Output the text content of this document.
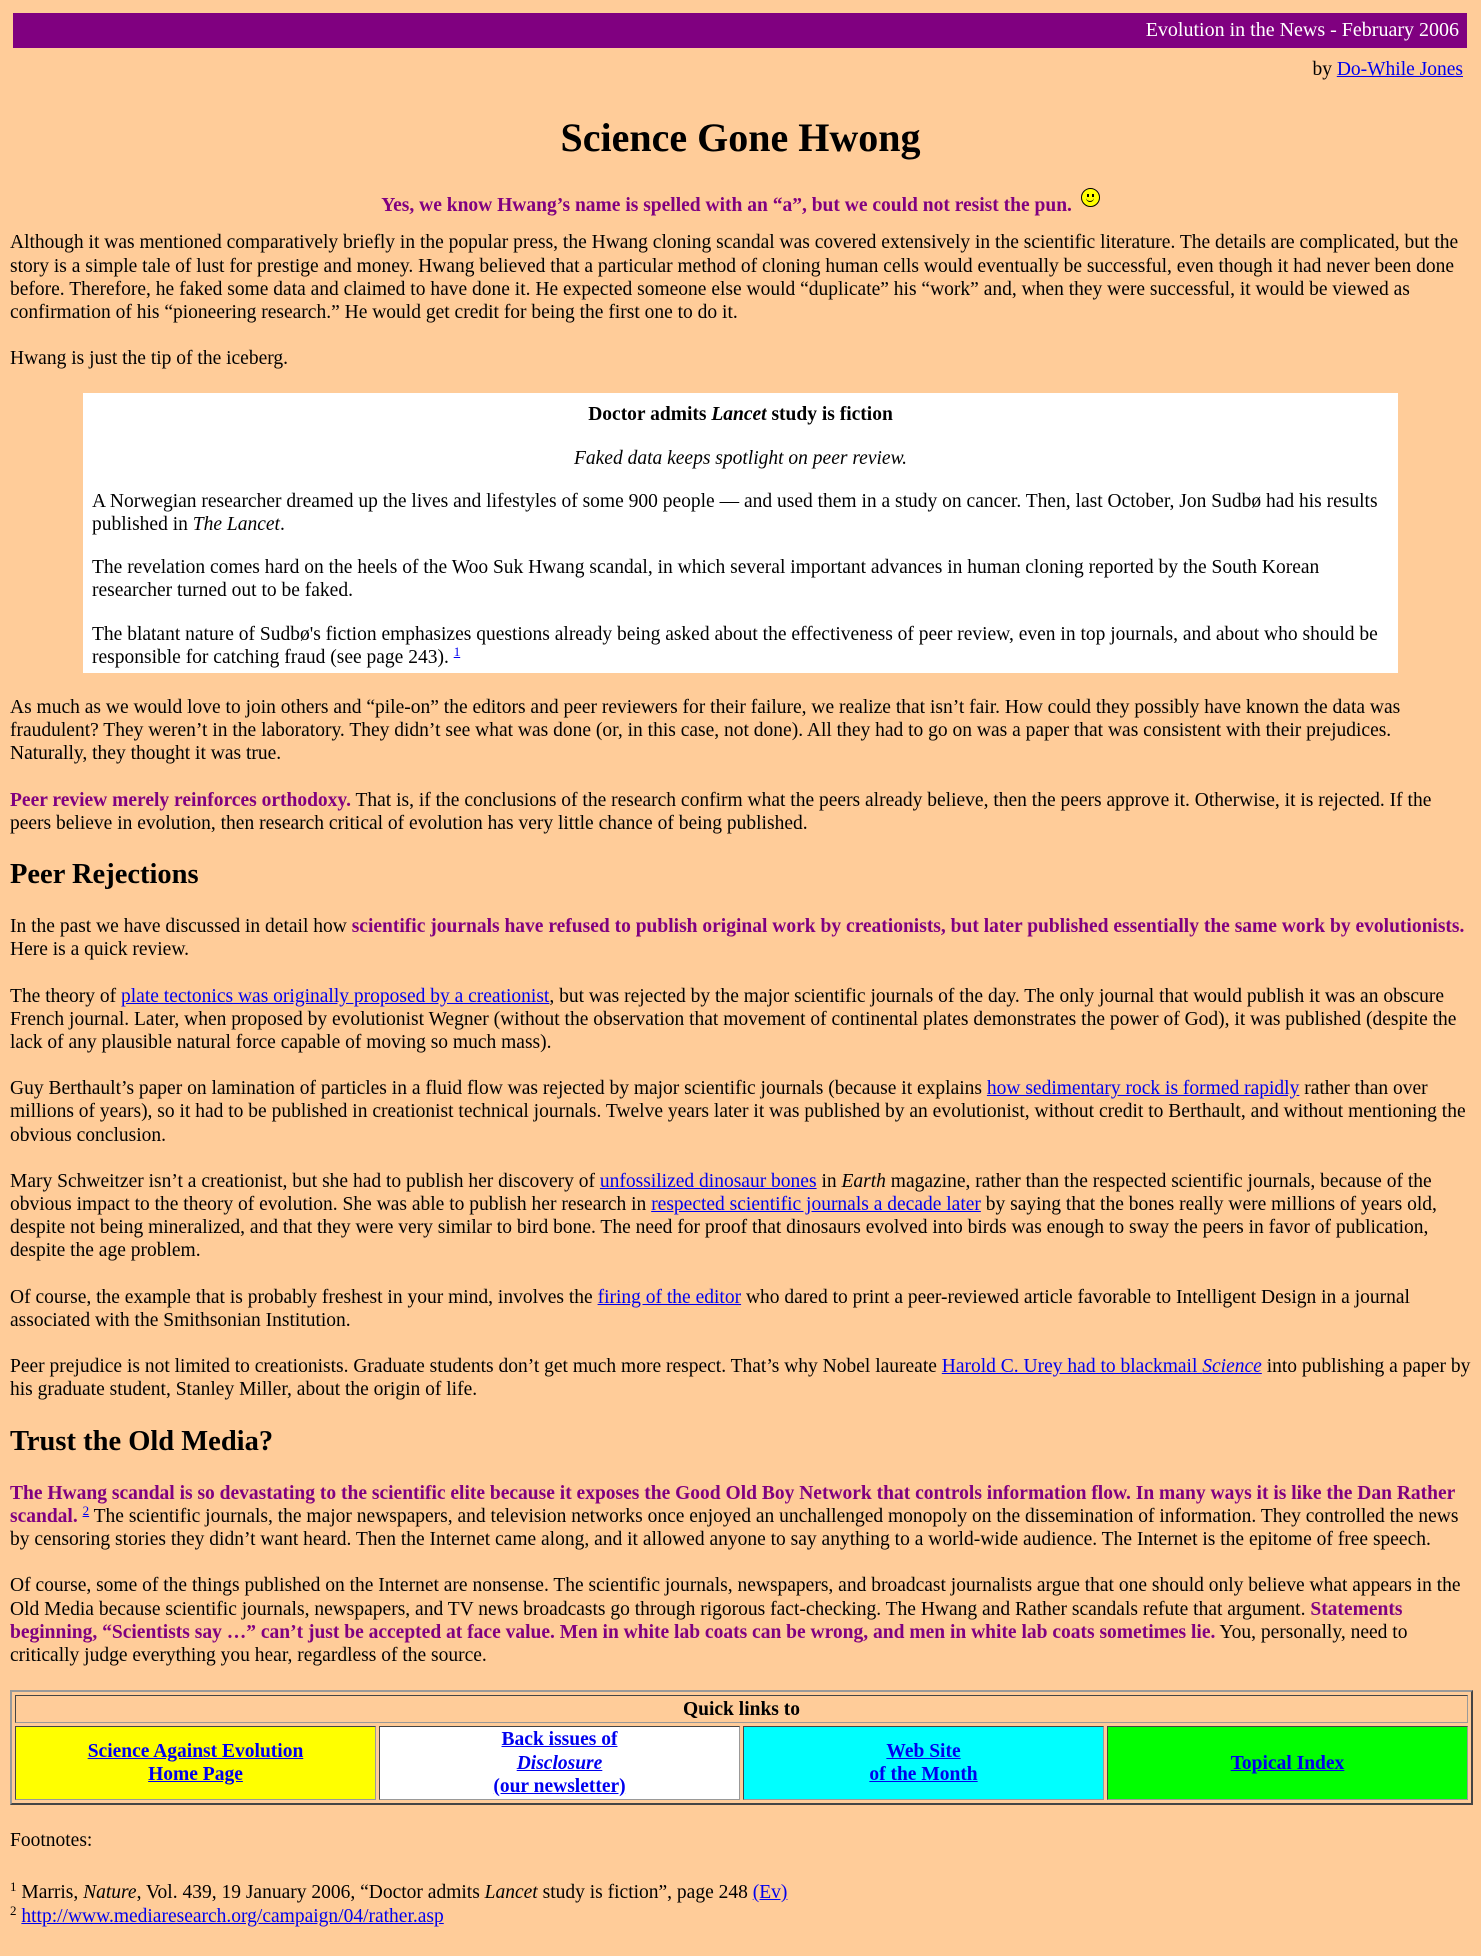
Evolution in the News - February 2006
by Do-While Jones
Science Gone Hwong
Yes, we know Hwang’s name is spelled with an “a”, but we could not resist the pun.

Although it was mentioned comparatively briefly in the popular press, the Hwang cloning scandal was covered extensively in the scientific literature. The details are complicated, but the story is a simple tale of lust for prestige and money. Hwang believed that a particular method of cloning human cells would eventually be successful, even though it had never been done before. Therefore, he faked some data and claimed to have done it. He expected someone else would “duplicate” his “work” and, when they were successful, it would be viewed as confirmation of his “pioneering research.” He would get credit for being the first one to do it.

Hwang is just the tip of the iceberg.

Doctor admits Lancet study is fiction
Faked data keeps spotlight on peer review.

A Norwegian researcher dreamed up the lives and lifestyles of some 900 people — and used them in a study on cancer. Then, last October, Jon Sudbø had his results published in The Lancet.

The revelation comes hard on the heels of the Woo Suk Hwang scandal, in which several important advances in human cloning reported by the South Korean researcher turned out to be faked.

The blatant nature of Sudbø's fiction emphasizes questions already being asked about the effectiveness of peer review, even in top journals, and about who should be responsible for catching fraud (see page 243). $^1$

As much as we would love to join others and “pile-on” the editors and peer reviewers for their failure, we realize that isn’t fair. How could they possibly have known the data was fraudulent? They weren’t in the laboratory. They didn’t see what was done (or, in this case, not done). All they had to go on was a paper that was consistent with their prejudices. Naturally, they thought it was true.

Peer review merely reinforces orthodoxy. That is, if the conclusions of the research confirm what the peers already believe, then the peers approve it. Otherwise, it is rejected. If the peers believe in evolution, then research critical of evolution has very little chance of being published.

Peer Rejections

In the past we have discussed in detail how scientific journals have refused to publish original work by creationists, but later published essentially the same work by evolutionists. Here is a quick review.

The theory of plate tectonics was originally proposed by a creationist, but was rejected by the major scientific journals of the day. The only journal that would publish it was an obscure French journal. Later, when proposed by evolutionist Wegner (without the observation that movement of continental plates demonstrates the power of God), it was published (despite the lack of any plausible natural force capable of moving so much mass).

Guy Berthault’s paper on lamination of particles in a fluid flow was rejected by major scientific journals (because it explains how sedimentary rock is formed rapidly rather than over millions of years), so it had to be published in creationist technical journals. Twelve years later it was published by an evolutionist, without credit to Berthault, and without mentioning the obvious conclusion.

Mary Schweitzer isn’t a creationist, but she had to publish her discovery of unfossilized dinosaur bones in Earth magazine, rather than the respected scientific journals, because of the obvious impact to the theory of evolution. She was able to publish her research in respected scientific journals a decade later by saying that the bones really were millions of years old, despite not being mineralized, and that they were very similar to bird bone. The need for proof that dinosaurs evolved into birds was enough to sway the peers in favor of publication, despite the age problem.

Of course, the example that is probably freshest in your mind, involves the firing of the editor who dared to print a peer-reviewed article favorable to Intelligent Design in a journal associated with the Smithsonian Institution.

Peer prejudice is not limited to creationists. Graduate students don’t get much more respect. That’s why Nobel laureate Harold C. Urey had to blackmail Science into publishing a paper by his graduate student, Stanley Miller, about the origin of life.

Trust the Old Media?

The Hwang scandal is so devastating to the scientific elite because it exposes the Good Old Boy Network that controls information flow. In many ways it is like the Dan Rather scandal. $^2$ The scientific journals, the major newspapers, and television networks once enjoyed an unchallenged monopoly on the dissemination of information. They controlled the news by censoring stories they didn’t want heard. Then the Internet came along, and it allowed anyone to say anything to a world-wide audience. The Internet is the epitome of free speech.

Of course, some of the things published on the Internet are nonsense. The scientific journals, newspapers, and broadcast journalists argue that one should only believe what appears in the Old Media because scientific journals, newspapers, and TV news broadcasts go through rigorous fact-checking. The Hwang and Rather scandals refute that argument. Statements beginning, “Scientists say …” can’t just be accepted at face value. Men in white lab coats can be wrong, and men in white lab coats sometimes lie. You, personally, need to critically judge everything you hear, regardless of the source.

Quick links to
Science Against Evolution
Home Page	Back issues of
Disclosure
(our newsletter)	Web Site
of the Month	Topical Index

Footnotes:

$^1$ Marris, Nature, Vol. 439, 19 January 2006, “Doctor admits Lancet study is fiction”, page 248 (Ev)

$^2$ http://www.mediaresearch.org/campaign/04/rather.asp
